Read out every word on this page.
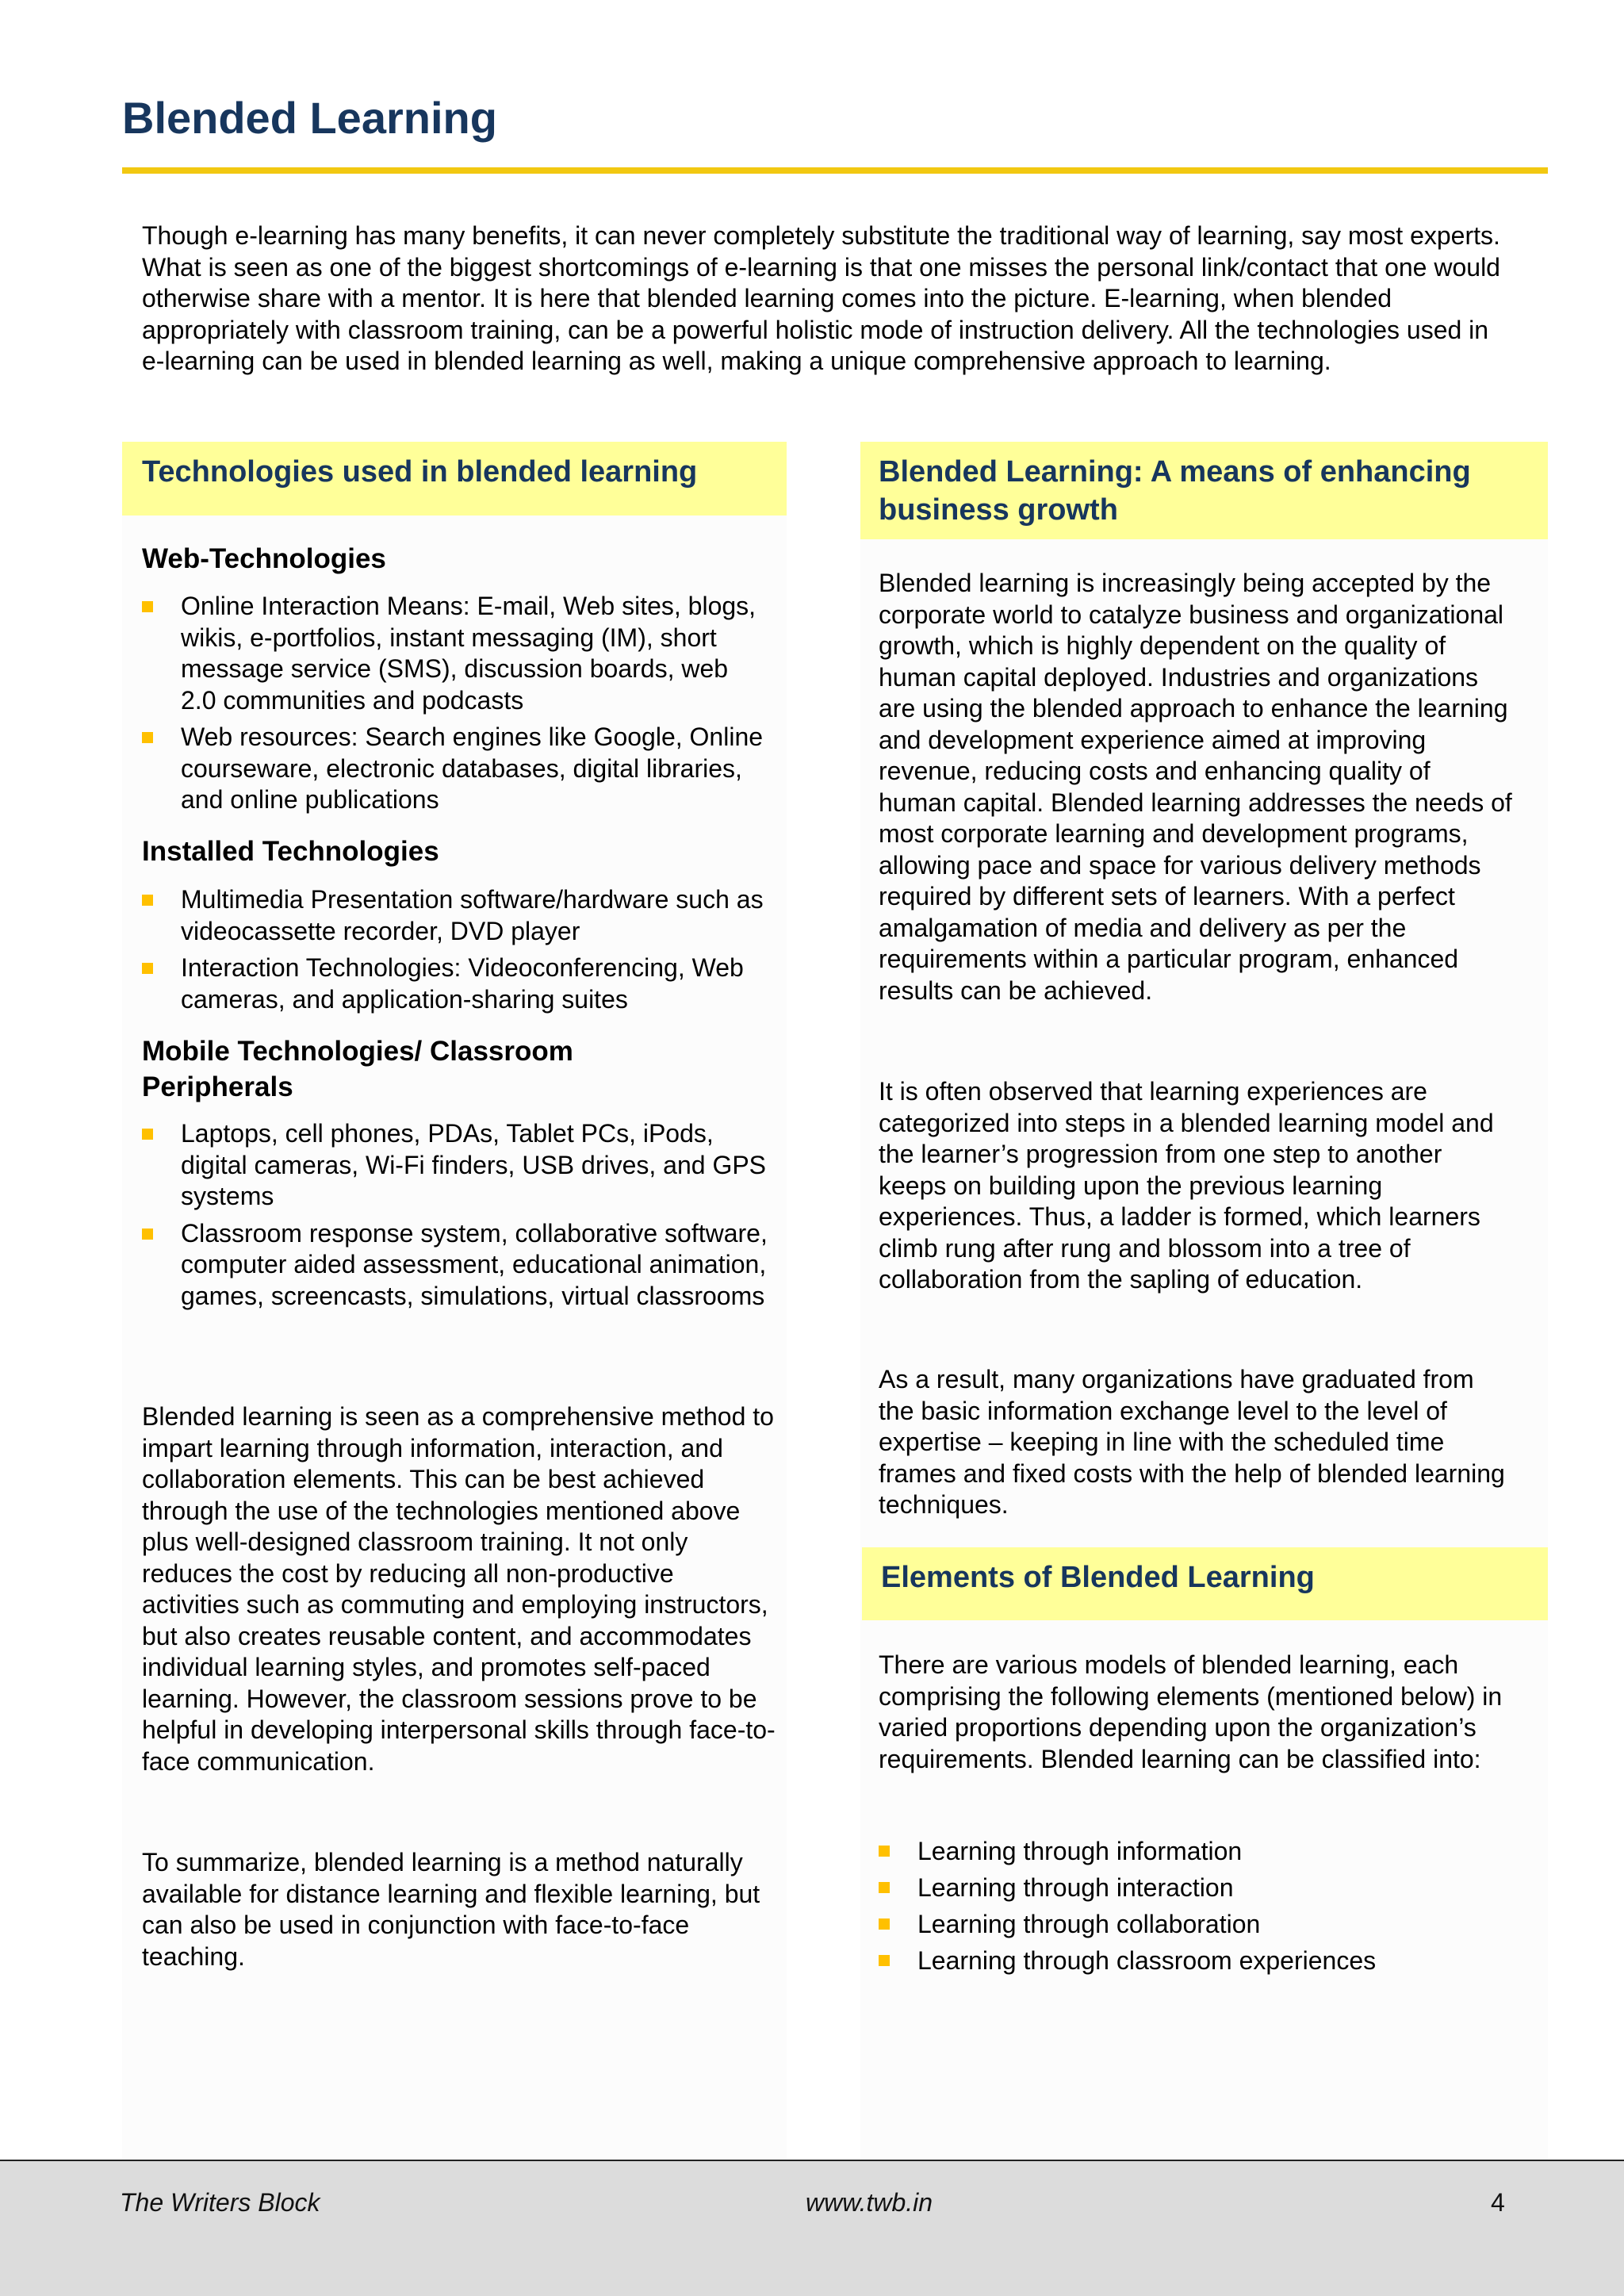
Blended Learning

Though e-learning has many benefits, it can never completely substitute the traditional way of learning, say most experts. What is seen as one of the biggest shortcomings of e-learning is that one misses the personal link/contact that one would otherwise share with a mentor. It is here that blended learning comes into the picture. E-learning, when blended appropriately with classroom training, can be a powerful holistic mode of instruction delivery. All the technologies used in e-learning can be used in blended learning as well, making a unique comprehensive approach to learning.

Technologies used in blended learning
Web-Technologies
Online Interaction Means: E-mail, Web sites, blogs, wikis, e-portfolios, instant messaging (IM), short message service (SMS), discussion boards, web 2.0 communities and podcasts
Web resources: Search engines like Google, Online courseware, electronic databases, digital libraries, and online publications
Installed Technologies
Multimedia Presentation software/hardware such as videocassette recorder, DVD player
Interaction Technologies: Videoconferencing, Web cameras, and application-sharing suites
Mobile Technologies/ Classroom Peripherals
Laptops, cell phones, PDAs, Tablet PCs, iPods, digital cameras, Wi-Fi finders, USB drives, and GPS systems
Classroom response system, collaborative software, computer aided assessment, educational animation, games, screencasts, simulations, virtual classrooms

Blended learning is seen as a comprehensive method to impart learning through information, interaction, and collaboration elements. This can be best achieved through the use of the technologies mentioned above plus well-designed classroom training. It not only reduces the cost by reducing all non-productive activities such as commuting and employing instructors, but also creates reusable content, and accommodates individual learning styles, and promotes self-paced learning. However, the classroom sessions prove to be helpful in developing interpersonal skills through face-to-face communication.

To summarize, blended learning is a method naturally available for distance learning and flexible learning, but can also be used in conjunction with face-to-face teaching.

Blended Learning: A means of enhancing business growth

Blended learning is increasingly being accepted by the corporate world to catalyze business and organizational growth, which is highly dependent on the quality of human capital deployed. Industries and organizations are using the blended approach to enhance the learning and development experience aimed at improving revenue, reducing costs and enhancing quality of human capital. Blended learning addresses the needs of most corporate learning and development programs, allowing pace and space for various delivery methods required by different sets of learners. With a perfect amalgamation of media and delivery as per the requirements within a particular program, enhanced results can be achieved.

It is often observed that learning experiences are categorized into steps in a blended learning model and the learner’s progression from one step to another keeps on building upon the previous learning experiences. Thus, a ladder is formed, which learners climb rung after rung and blossom into a tree of collaboration from the sapling of education.

As a result, many organizations have graduated from the basic information exchange level to the level of expertise – keeping in line with the scheduled time frames and fixed costs with the help of blended learning techniques.

Elements of Blended Learning

There are various models of blended learning, each comprising the following elements (mentioned below) in varied proportions depending upon the organization’s requirements. Blended learning can be classified into:

Learning through information
Learning through interaction
Learning through collaboration
Learning through classroom experiences
The Writers Block	www.twb.in	4
